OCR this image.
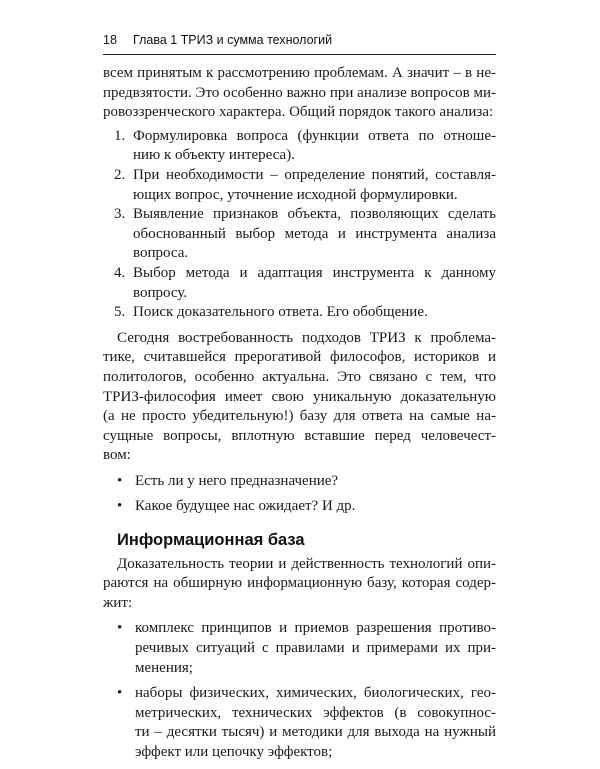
18 Глава 1 ТРИЗ и сумма технологий
всем принятым к рассмотрению проблемам. А значит – в не-
предвзятости. Это особенно важно при анализе вопросов ми-
ровоззренческого характера. Общий порядок такого анализа:
1. Формулировка вопроса (функции ответа по отноше-
нию к объекту интереса).
2. При необходимости – определение понятий, составля-
ющих вопрос, уточнение исходной формулировки.
3. Выявление признаков объекта, позволяющих сделать
обоснованный выбор метода и инструмента анализа
вопроса.
4. Выбор метода и адаптация инструмента к данному
вопросу.
5. Поиск доказательного ответа. Его обобщение.
Сегодня востребованность подходов ТРИЗ к проблема-
тике, считавшейся прерогативой философов, историков и
политологов, особенно актуальна. Это связано с тем, что
ТРИЗ-философия имеет свою уникальную доказательную
(а не просто убедительную!) базу для ответа на самые на-
сущные вопросы, вплотную вставшие перед человечест-
вом:
• Есть ли у него предназначение?
• Какое будущее нас ожидает? И др.
Информационная база
Доказательность теории и действенность технологий опи-
раются на обширную информационную базу, которая содер-
жит:
• комплекс принципов и приемов разрешения противо-
речивых ситуаций с правилами и примерами их при-
менения;
• наборы физических, химических, биологических, гео-
метрических, технических эффектов (в совокупнос-
ти – десятки тысяч) и методики для выхода на нужный
эффект или цепочку эффектов;
